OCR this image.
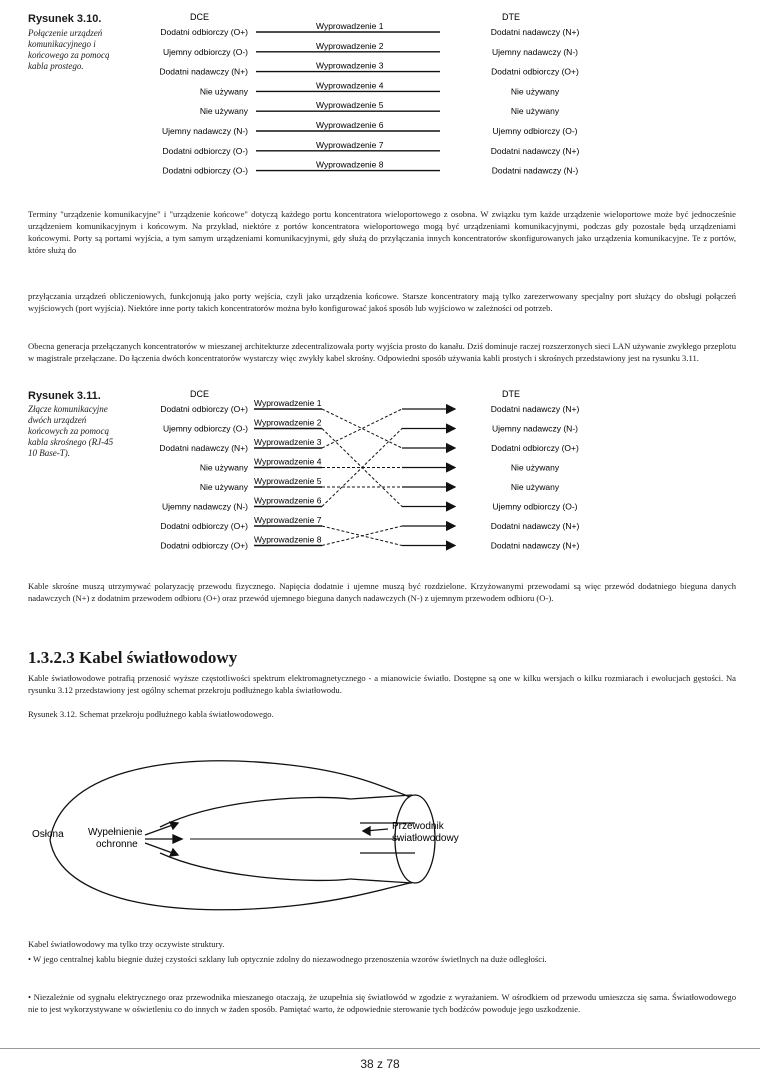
Rysunek 3.10.
Połączenie urządzeń komunikacyjnego i końcowego za pomocą kabla prostego.
DCE	DTE
Dodatni odbiorczy (O+)
Wyprowadzenie 1
Dodatni nadawczy (N+)
Ujemny odbiorczy (O-)
Wyprowadzenie 2
Ujemny nadawczy (N-)
Dodatni nadawczy (N+)
Wyprowadzenie 3
Dodatni odbiorczy (O+)
Nie używany
Wyprowadzenie 4
Nie używany
Nie używany
Wyprowadzenie 5
Nie używany
Ujemny nadawczy (N-)
Wyprowadzenie 6
Ujemny odbiorczy (O-)
Dodatni odbiorczy (O-)
Wyprowadzenie 7
Dodatni nadawczy (N+)
Dodatni odbiorczy (O-)
Wyprowadzenie 8
Dodatni nadawczy (N-)
Terminy "urządzenie komunikacyjne" i "urządzenie końcowe" dotyczą każdego portu koncentratora wieloportowego z osobna. W związku tym każde urządzenie wieloportowe może być jednocześnie urządzeniem komunikacyjnym i końcowym. Na przykład, niektóre z portów koncentratora wieloportowego mogą być urządzeniami komunikacyjnymi, podczas gdy pozostałe będą urządzeniami końcowymi. Porty są portami wyjścia, a tym samym urządzeniami komunikacyjnymi, gdy służą do przyłączania innych koncentratorów skonfigurowanych jako urządzenia komunikacyjne. Te z portów, które służą do
przyłączania urządzeń obliczeniowych, funkcjonują jako porty wejścia, czyli jako urządzenia końcowe. Starsze koncentratory mają tylko zarezerwowany specjalny port służący do obsługi połączeń wyjściowych (port wyjścia). Niektóre inne porty takich koncentratorów można było konfigurować jakoś sposób lub wyjściowo w zależności od potrzeb.
Obecna generacja przełączanych koncentratorów w mieszanej architekturze zdecentralizowała porty wyjścia prosto do kanału. Dziś dominuje raczej rozszerzonych sieci LAN używanie zwykłego przeplotu w magistrale przełączane. Do łączenia dwóch koncentratorów wystarczy więc zwykły kabel skrośny. Odpowiedni sposób używania kabli prostych i skrośnych przedstawiony jest na rysunku 3.11.
Rysunek 3.11.
Złącze komunikacyjne dwóch urządzeń końcowych za pomocą kabla skrośnego (RJ-45 10 Base-T).
DCE	DTE
Dodatni odbiorczy (O+)
Wyprowadzenie 1
Dodatni nadawczy (N+)
Ujemny odbiorczy (O-)
Wyprowadzenie 2
Ujemny nadawczy (N-)
Dodatni nadawczy (N+)
Wyprowadzenie 3
Dodatni odbiorczy (O+)
Nie używany
Wyprowadzenie 4
Nie używany
Nie używany
Wyprowadzenie 5
Nie używany
Ujemny nadawczy (N-)
Wyprowadzenie 6
Ujemny odbiorczy (O-)
Dodatni odbiorczy (O+)
Wyprowadzenie 7
Dodatni nadawczy (N+)
Dodatni odbiorczy (O+)
Wyprowadzenie 8
Dodatni nadawczy (N+)
Kable skrośne muszą utrzymywać polaryzację przewodu fizycznego. Napięcia dodatnie i ujemne muszą być rozdzielone. Krzyżowanymi przewodami są więc przewód dodatniego bieguna danych nadawczych (N+) z dodatnim przewodem odbioru (O+) oraz przewód ujemnego bieguna danych nadawczych (N-) z ujemnym przewodem odbioru (O-).
1.3.2.3 Kabel światłowodowy
Kable światłowodowe potrafią przenosić wyższe częstotliwości spektrum elektromagnetycznego - a mianowicie światło. Dostępne są one w kilku wersjach o kilku rozmiarach i ewolucjach gęstości. Na rysunku 3.12 przedstawiony jest ogólny schemat przekroju podłużnego kabla światłowodu.
Rysunek 3.12. Schemat przekroju podłużnego kabla światłowodowego.
Osłona Wypełnienie
ochronne
Przewodnik
światłowodowy
Kabel światłowodowy ma tylko trzy oczywiste struktury.
• W jego centralnej kablu biegnie dużej czystości szklany lub optycznie zdolny do niezawodnego przenoszenia wzorów świetlnych na duże odległości.
• Niezależnie od sygnału elektrycznego oraz przewodnika mieszanego otaczają, że uzupełnia się światłowód w zgodzie z wyrażaniem. W ośrodkiem od przewodu umieszcza się sama. Światłowodowego nie to jest wykorzystywane w oświetleniu co do innych w żaden sposób. Pamiętać warto, że odpowiednie sterowanie tych bodźców powoduje jego uszkodzenie.
38 z 78
